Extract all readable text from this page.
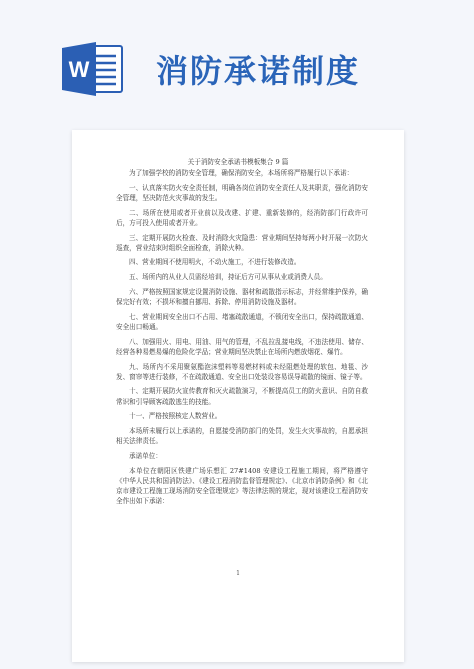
W 消防承诺制度
关于消防安全承诺书模板集合 9 篇

为了加强学校的消防安全管理，确保消防安全，本场所将严格履行以下承诺：

一、认真落实防火安全责任制，明确各岗位消防安全责任人及其职责，强化消防安全管理，坚决防范火灾事故的发生。

二、场所在使用或者开业前以及改建、扩建、重新装修的，经消防部门行政许可后，方可投入使用或者开业。

三、定期开展防火检查、及时消除火灾隐患：营业期间坚持每两小时开展一次防火巡查，营业结束时组织全面检查，消除火种。

四、营业期间不使用明火，不动火施工，不进行装修改造。

五、场所内的从业人员需经培训，持证后方可从事从业或消费人员。

六、严格按照国家规定设置消防设施、器材和疏散指示标志，并经常维护保养，确保完好有效；不损坏和擅自挪用、拆除、停用消防设施及器材。

七、营业期间安全出口不占用、堵塞疏散通道，不锁闭安全出口，保持疏散通道、安全出口畅通。

八、加强用火、用电、用油、用气的管理，不乱拉乱接电线，不违法使用、储存、经营各种易燃易爆的危险化学品；营业期间坚决禁止在场所内燃放烟花、爆竹。

九、场所内不采用聚氨酯泡沫塑料等易燃材料或未经阻燃处理的软包、地毯、沙发、窗帘等进行装修，不在疏散通道、安全出口处装设容易误导疏散的镜面、镜子等。

十、定期开展防火宣传教育和灭火疏散演习，不断提高员工的防火意识、自防自救常识和引导顾客疏散逃生的技能。

十一、严格按照核定人数营业。

本场所未履行以上承诺的，自愿接受消防部门的处罚，发生火灾事故的，自愿承担相关法律责任。

承诺单位：

本单位在朝阳区铁建广场乐想汇 27#1408 安建设工程施工期间，将严格遵守《中华人民共和国消防法》、《建设工程消防监督管理规定》、《北京市消防条例》和《北京市建设工程施工现场消防安全管理规定》等法律法规的规定，现对该建设工程消防安全作出如下承诺：

1
